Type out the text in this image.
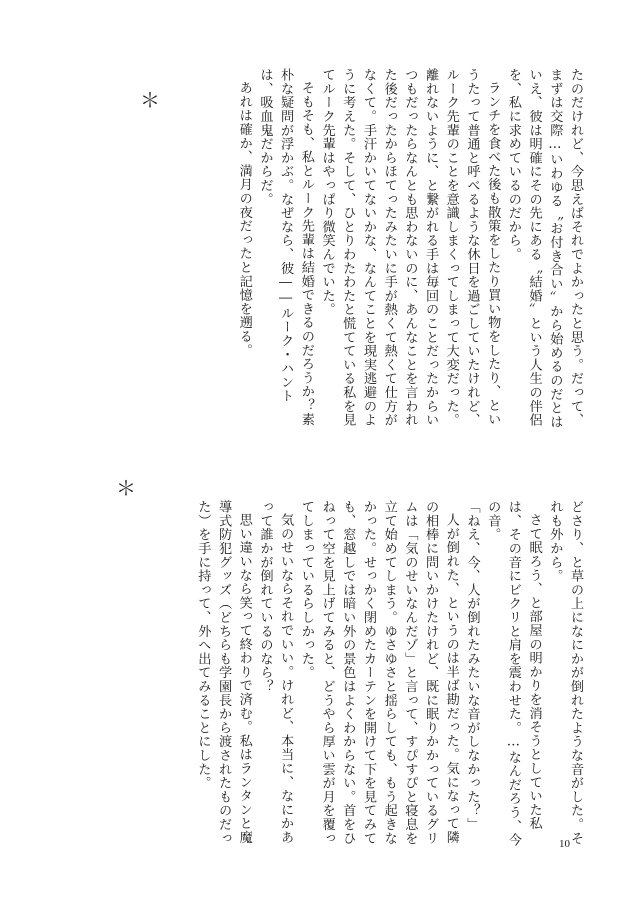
たのだけれど、今思えばそれでよかったと思う。だって、

まずは交際…いわゆる〝お付き合い〟から始めるのだとはいえ、彼は明確にその先にある〝結婚〟という人生の伴侶を、私に求めているのだから。

ランチを食べた後も散策をしたり買い物をしたり、というたって普通と呼べるような休日を過ごしていたけれど、ルーク先輩のことを意識しまくってしまって大変だった。離れないように、と繋がれる手は毎回のことだったからいつもだったらなんとも思わないのに、あんなことを言われた後だったからほてったみたいに手が熱くて熱くて仕方がなくて。手汗かいてないかな、なんてことを現実逃避のように考えた。そして、ひとりわたわたと慌てている私を見てルーク先輩はやっぱり微笑んでいた。

そもそも、私とルーク先輩は結婚できるのだろうか？素朴な疑問が浮かぶ。なぜなら、彼――ルーク・ハントは、吸血鬼だからだ。

あれは確か、満月の夜だったと記憶を遡る。

＊

どさり、と草の上になにかが倒れたような音がした。それも外から。

さて眠ろう、と部屋の明かりを消そうとしていた私は、その音にビクリと肩を震わせた。…なんだろう、今の音。

「ねえ、今、人が倒れたみたいな音がしなかった？」

人が倒れた、というのは半ば勘だった。気になって隣の相棒に問いかけたけれど、既に眠りかかっているグリムは「気のせいなんだゾ」と言って、すぴすぴと寝息を立て始めてしまう。ゆさゆさと揺らしても、もう起きなかった。せっかく閉めたカーテンを開けて下を見てみても、窓越しでは暗い外の景色はよくわからない。首をひねって空を見上げてみると、どうやら厚い雲が月を覆ってしまっているらしかった。

気のせいならそれでいい。けれど、本当に、なにかあって誰かが倒れているのなら？

思い違いなら笑って終わりで済む。私はランタンと魔導式防犯グッズ（どちらも学園長から渡されたものだった）を手に持って、外へ出てみることにした。

＊
10
